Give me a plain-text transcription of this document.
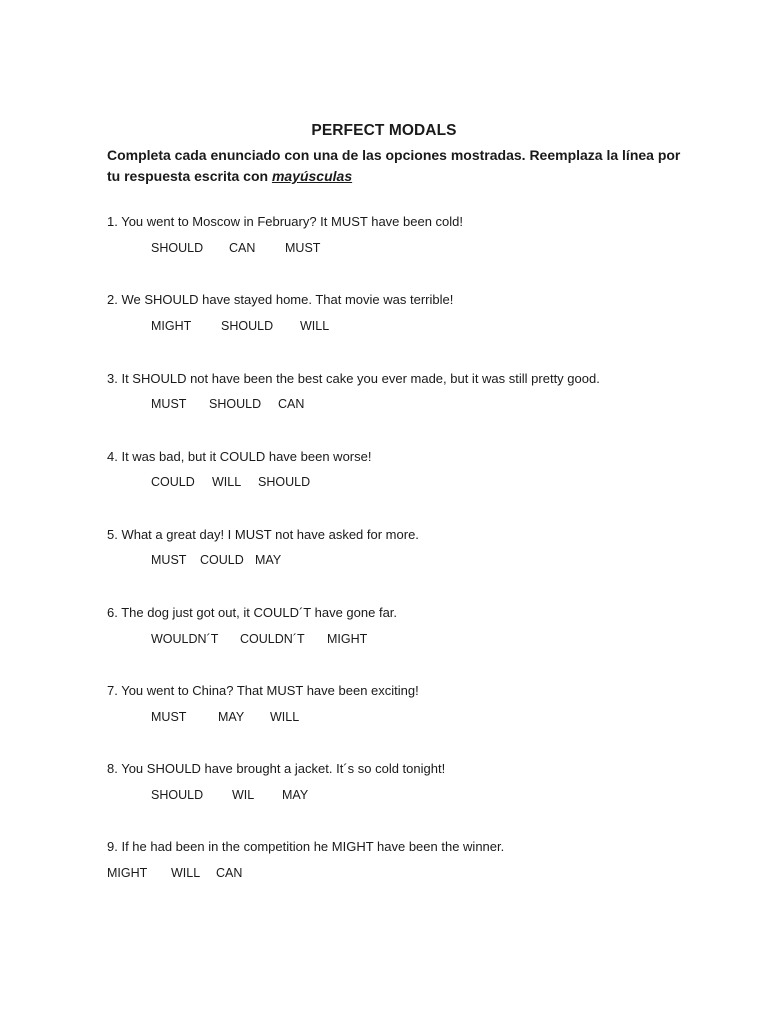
PERFECT MODALS
Completa cada enunciado con una de las opciones mostradas. Reemplaza la línea por tu respuesta escrita con mayúsculas
1. You went to Moscow in February? It MUST have been cold!
SHOULD CAN MUST
2. We SHOULD have stayed home. That movie was terrible!
MIGHT SHOULD WILL
3. It SHOULD not have been the best cake you ever made, but it was still pretty good.
MUST SHOULD CAN
4. It was bad, but it COULD have been worse!
COULD WILL SHOULD
5. What a great day! I MUST not have asked for more.
MUST COULD MAY
6. The dog just got out, it COULD´T have gone far.
WOULDN´T COULDN´T MIGHT
7. You went to China? That MUST have been exciting!
MUST	MAY WILL
8. You SHOULD have brought a jacket. It´s so cold tonight!
SHOULD WIL MAY
9. If he had been in the competition he MIGHT have been the winner.
MIGHT WILL CAN
